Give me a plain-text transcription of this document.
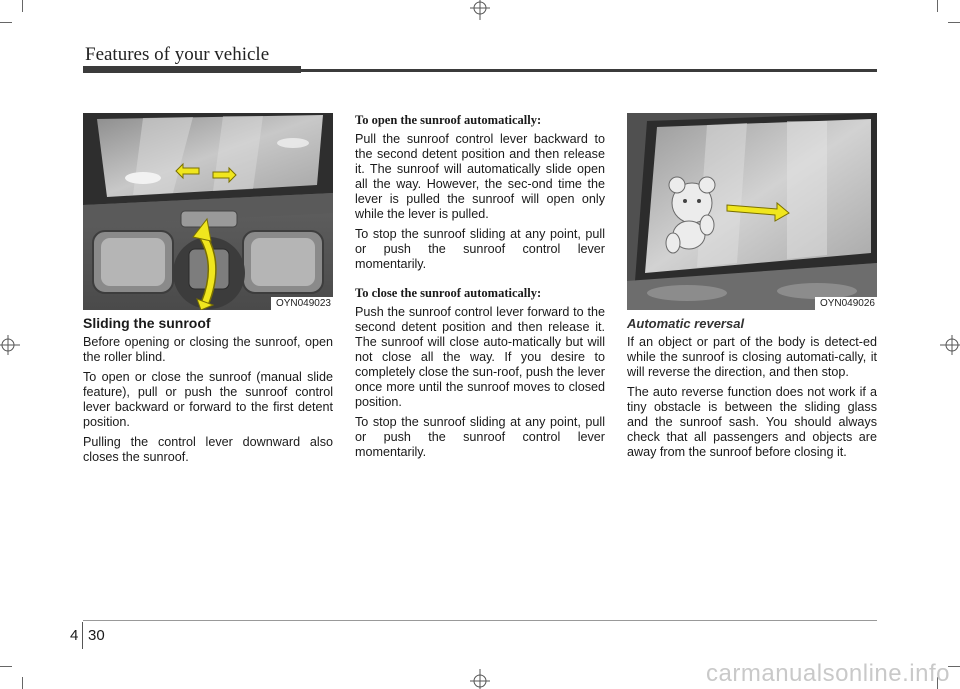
Features of your vehicle
OYN049023	OYN049026
Sliding the sunroof

Before opening or closing the sunroof, open the roller blind.

To open or close the sunroof (manual slide feature), pull or push the sunroof control lever backward or forward to the first detent position.

Pulling the control lever downward also closes the sunroof.

To open the sunroof automatically:

Pull the sunroof control lever backward to the second detent position and then release it. The sunroof will automatically slide open all the way. However, the sec-ond time the lever is pulled the sunroof will open only while the lever is pulled.

To stop the sunroof sliding at any point, pull or push the sunroof control lever momentarily.

To close the sunroof automatically:

Push the sunroof control lever forward to the second detent position and then release it. The sunroof will close auto-matically but will not close all the way. If you desire to completely close the sun-roof, push the lever once more until the sunroof moves to closed position.

To stop the sunroof sliding at any point, pull or push the sunroof control lever momentarily.

Automatic reversal

If an object or part of the body is detect-ed while the sunroof is closing automati-cally, it will reverse the direction, and then stop.

The auto reverse function does not work if a tiny obstacle is between the sliding glass and the sunroof sash. You should always check that all passengers and objects are away from the sunroof before closing it.

4 30
carmanualsonline.info
